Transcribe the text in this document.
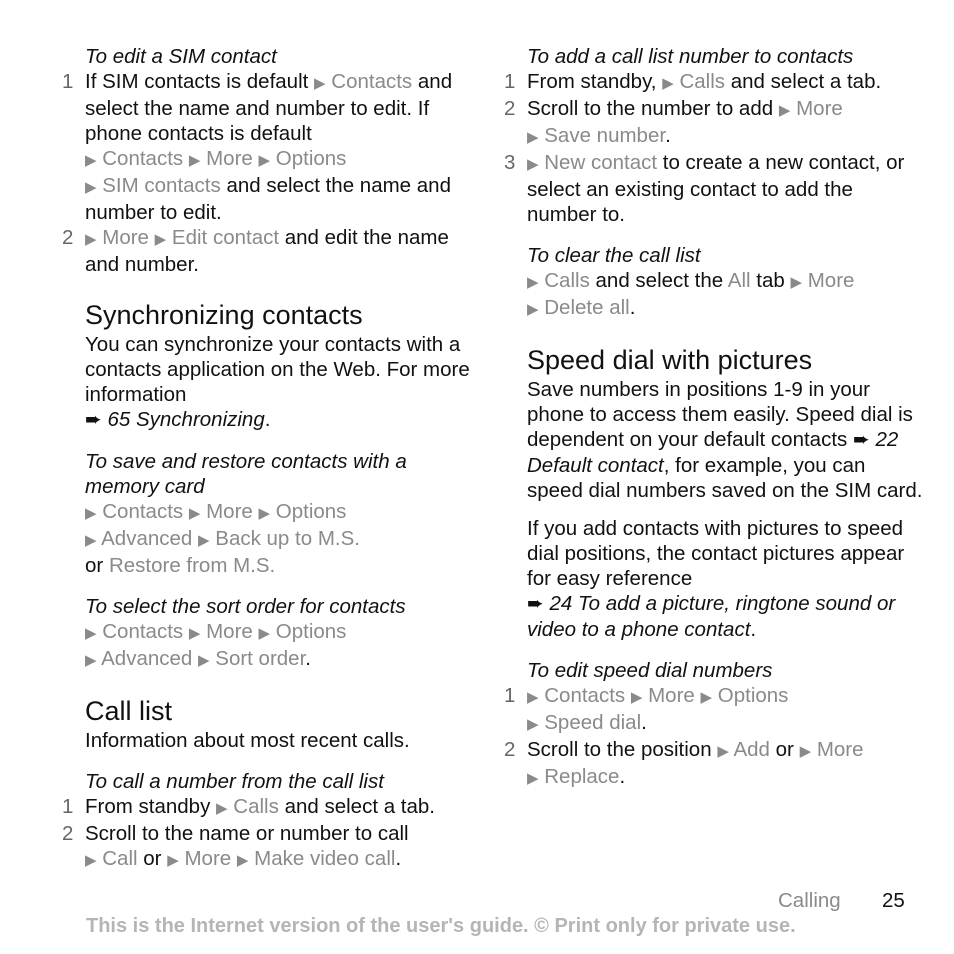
To edit a SIM contact
1 If SIM contacts is default ▶ Contacts and select the name and number to edit. If phone contacts is default
▶ Contacts ▶ More ▶ Options
▶ SIM contacts and select the name and number to edit.
2 ▶ More ▶ Edit contact and edit the name and number.
Synchronizing contacts

You can synchronize your contacts with a contacts application on the Web. For more information
➨ 65 Synchronizing.

To save and restore contacts with a memory card

▶ Contacts ▶ More ▶ Options
▶ Advanced ▶ Back up to M.S.
or Restore from M.S.

To select the sort order for contacts

▶ Contacts ▶ More ▶ Options
▶ Advanced ▶ Sort order.

Call list

Information about most recent calls.

To call a number from the call list
1 From standby ▶ Calls and select a tab.
2 Scroll to the name or number to call
▶ Call or ▶ More ▶ Make video call.
To add a call list number to contacts
1 From standby, ▶ Calls and select a tab.
2 Scroll to the number to add ▶ More
▶ Save number.
3 ▶ New contact to create a new contact, or select an existing contact to add the number to.
To clear the call list

▶ Calls and select the All tab ▶ More
▶ Delete all.

Speed dial with pictures

Save numbers in positions 1-9 in your phone to access them easily. Speed dial is dependent on your default contacts ➨ 22 Default contact, for example, you can speed dial numbers saved on the SIM card.

If you add contacts with pictures to speed dial positions, the contact pictures appear for easy reference
➨ 24 To add a picture, ringtone sound or video to a phone contact.

To edit speed dial numbers
1 ▶ Contacts ▶ More ▶ Options
▶ Speed dial.
2 Scroll to the position ▶ Add or ▶ More
▶ Replace.
Calling 25
This is the Internet version of the user's guide. © Print only for private use.
